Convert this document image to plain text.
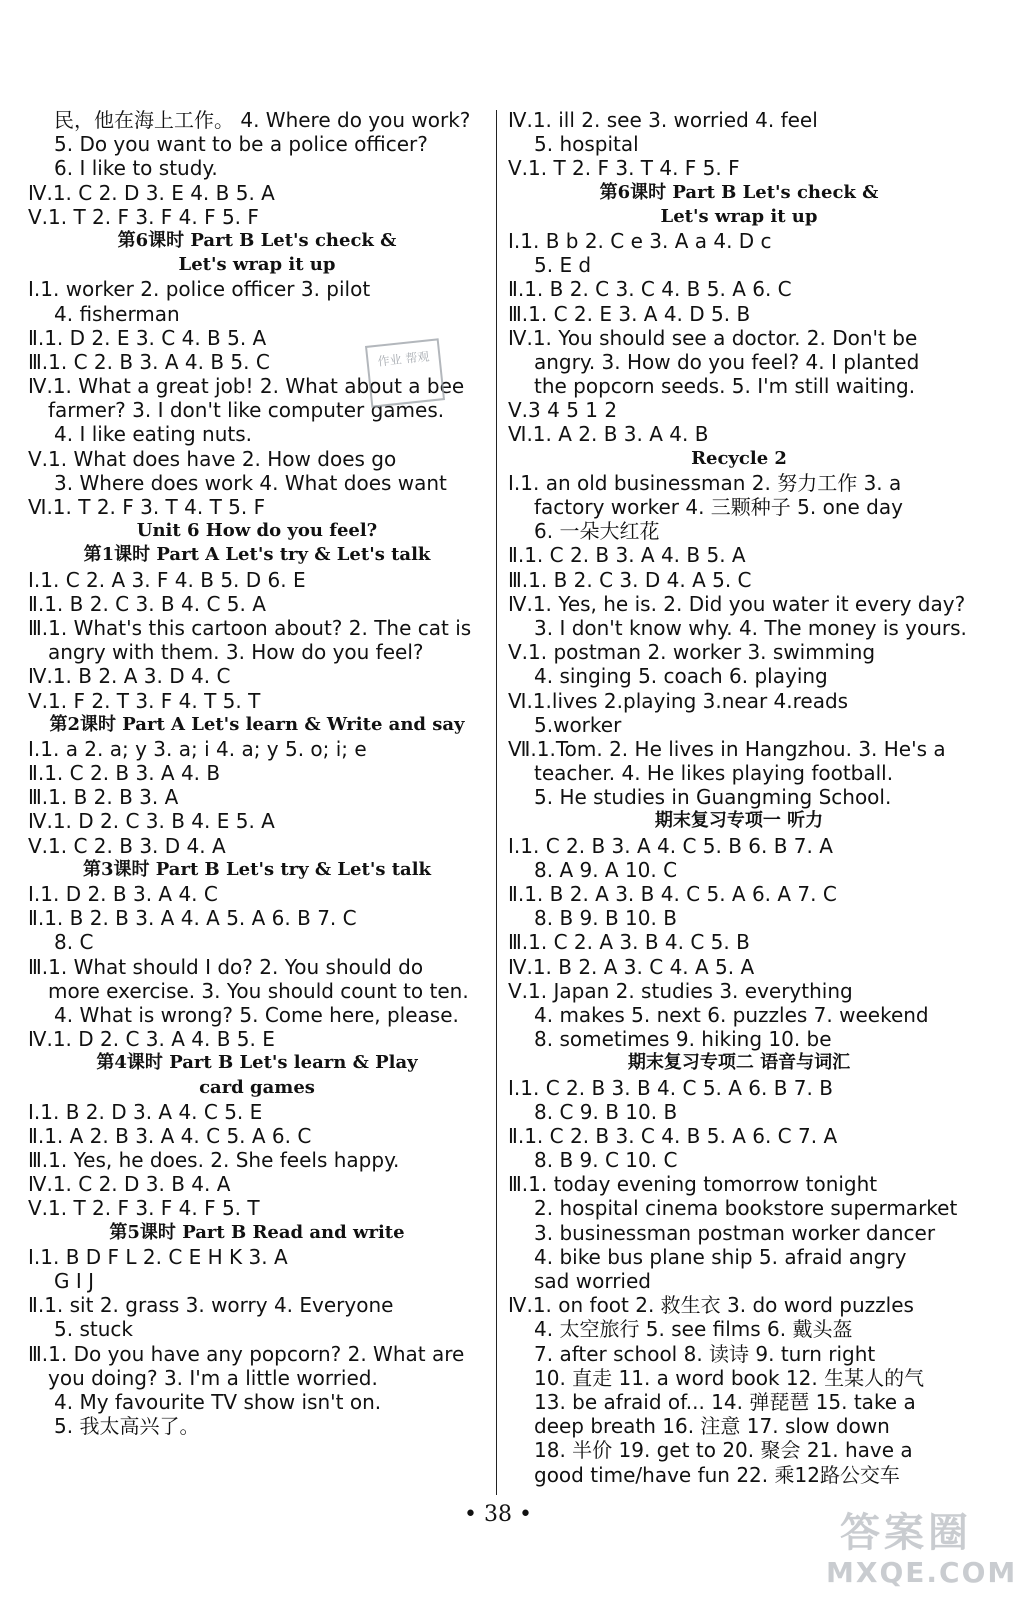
民，他在海上工作。 4. Where do you work?
5. Do you want to be a police officer?
6. I like to study.
Ⅳ.1. C 2. D 3. E 4. B 5. A
Ⅴ.1. T 2. F 3. F 4. F 5. F
第6课时 Part B Let's check &
Let's wrap it up
Ⅰ.1. worker 2. police officer 3. pilot
4. fisherman
Ⅱ.1. D 2. E 3. C 4. B 5. A
Ⅲ.1. C 2. B 3. A 4. B 5. C
Ⅳ.1. What a great job! 2. What about a bee
farmer? 3. I don't like computer games.
4. I like eating nuts.
Ⅴ.1. What does have 2. How does go
3. Where does work 4. What does want
Ⅵ.1. T 2. F 3. T 4. T 5. F
Unit 6 How do you feel?
第1课时 Part A Let's try & Let's talk
Ⅰ.1. C 2. A 3. F 4. B 5. D 6. E
Ⅱ.1. B 2. C 3. B 4. C 5. A
Ⅲ.1. What's this cartoon about? 2. The cat is
angry with them. 3. How do you feel?
Ⅳ.1. B 2. A 3. D 4. C
Ⅴ.1. F 2. T 3. F 4. T 5. T
第2课时 Part A Let's learn & Write and say
Ⅰ.1. a 2. a; y 3. a; i 4. a; y 5. o; i; e
Ⅱ.1. C 2. B 3. A 4. B
Ⅲ.1. B 2. B 3. A
Ⅳ.1. D 2. C 3. B 4. E 5. A
Ⅴ.1. C 2. B 3. D 4. A
第3课时 Part B Let's try & Let's talk
Ⅰ.1. D 2. B 3. A 4. C
Ⅱ.1. B 2. B 3. A 4. A 5. A 6. B 7. C
8. C
Ⅲ.1. What should I do? 2. You should do
more exercise. 3. You should count to ten.
4. What is wrong? 5. Come here, please.
Ⅳ.1. D 2. C 3. A 4. B 5. E
第4课时 Part B Let's learn & Play
card games
Ⅰ.1. B 2. D 3. A 4. C 5. E
Ⅱ.1. A 2. B 3. A 4. C 5. A 6. C
Ⅲ.1. Yes, he does. 2. She feels happy.
Ⅳ.1. C 2. D 3. B 4. A
Ⅴ.1. T 2. F 3. F 4. F 5. T
第5课时 Part B Read and write
Ⅰ.1. B D F L 2. C E H K 3. A
G I J
Ⅱ.1. sit 2. grass 3. worry 4. Everyone
5. stuck
Ⅲ.1. Do you have any popcorn? 2. What are
you doing? 3. I'm a little worried.
4. My favourite TV show isn't on.
5. 我太高兴了。
Ⅳ.1. ill 2. see 3. worried 4. feel
5. hospital
Ⅴ.1. T 2. F 3. T 4. F 5. F
第6课时 Part B Let's check &
Let's wrap it up
Ⅰ.1. B b 2. C e 3. A a 4. D c
5. E d
Ⅱ.1. B 2. C 3. C 4. B 5. A 6. C
Ⅲ.1. C 2. E 3. A 4. D 5. B
Ⅳ.1. You should see a doctor. 2. Don't be
angry. 3. How do you feel? 4. I planted
the popcorn seeds. 5. I'm still waiting.
Ⅴ.3 4 5 1 2
Ⅵ.1. A 2. B 3. A 4. B
Recycle 2
Ⅰ.1. an old businessman 2. 努力工作 3. a
factory worker 4. 三颗种子 5. one day
6. 一朵大红花
Ⅱ.1. C 2. B 3. A 4. B 5. A
Ⅲ.1. B 2. C 3. D 4. A 5. C
Ⅳ.1. Yes, he is. 2. Did you water it every day?
3. I don't know why. 4. The money is yours.
Ⅴ.1. postman 2. worker 3. swimming
4. singing 5. coach 6. playing
Ⅵ.1.lives 2.playing 3.near 4.reads
5.worker
Ⅶ.1.Tom. 2. He lives in Hangzhou. 3. He's a
teacher. 4. He likes playing football.
5. He studies in Guangming School.
期末复习专项一 听力
Ⅰ.1. C 2. B 3. A 4. C 5. B 6. B 7. A
8. A 9. A 10. C
Ⅱ.1. B 2. A 3. B 4. C 5. A 6. A 7. C
8. B 9. B 10. B
Ⅲ.1. C 2. A 3. B 4. C 5. B
Ⅳ.1. B 2. A 3. C 4. A 5. A
Ⅴ.1. Japan 2. studies 3. everything
4. makes 5. next 6. puzzles 7. weekend
8. sometimes 9. hiking 10. be
期末复习专项二 语音与词汇
Ⅰ.1. C 2. B 3. B 4. C 5. A 6. B 7. B
8. C 9. B 10. B
Ⅱ.1. C 2. B 3. C 4. B 5. A 6. C 7. A
8. B 9. C 10. C
Ⅲ.1. today evening tomorrow tonight
2. hospital cinema bookstore supermarket
3. businessman postman worker dancer
4. bike bus plane ship 5. afraid angry
sad worried
Ⅳ.1. on foot 2. 救生衣 3. do word puzzles
4. 太空旅行 5. see films 6. 戴头盔
7. after school 8. 读诗 9. turn right
10. 直走 11. a word book 12. 生某人的气
13. be afraid of... 14. 弹琵琶 15. take a
deep breath 16. 注意 17. slow down
18. 半价 19. get to 20. 聚会 21. have a
good time/have fun 22. 乘12路公交车
作业 帮观
• 38 •	答案圈
MXQE.COM
